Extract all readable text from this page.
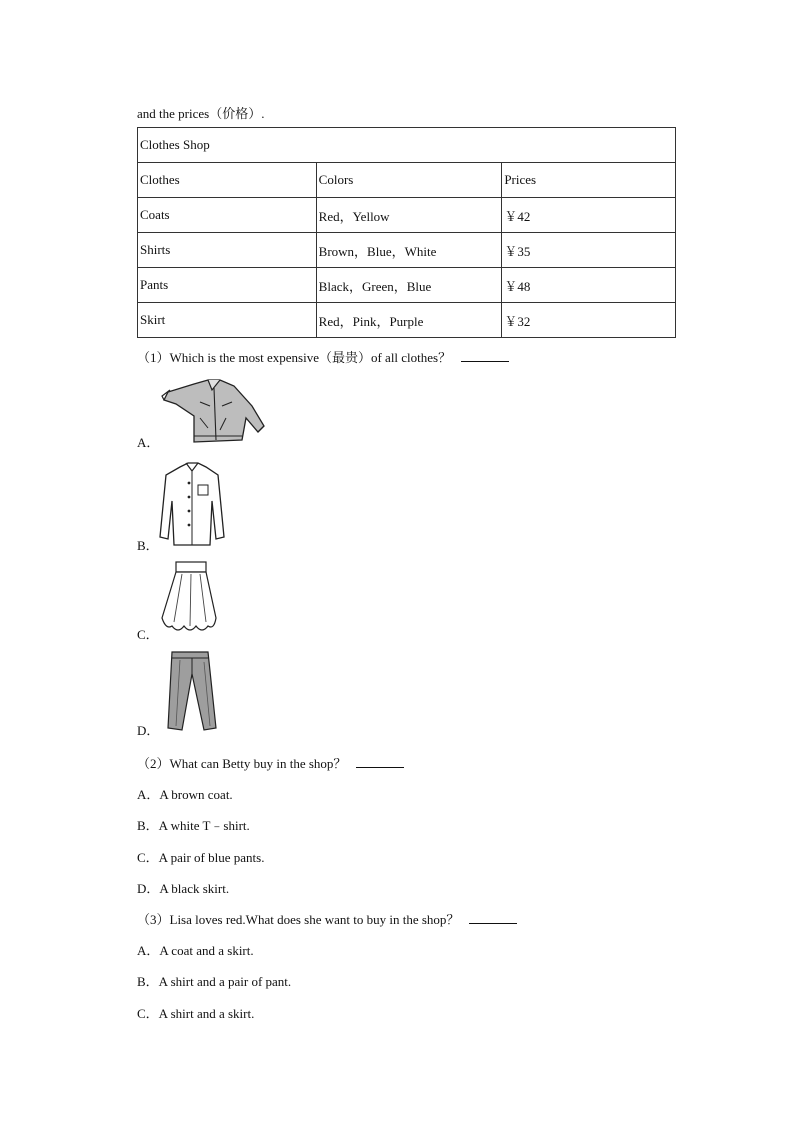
and the prices（价格）.
Clothes Shop		
Clothes	Colors	Prices
Coats	Red，Yellow	￥42
Shirts	Brown，Blue，White	￥35
Pants	Black，Green，Blue	￥48
Skirt	Red，Pink，Purple	￥32
（1）Which is the most expensive（最贵）of all clothes？
A．
B．
C．
D．
（2）What can Betty buy in the shop？
A．A brown coat.
B．A white T﹣shirt.
C．A pair of blue pants.
D．A black skirt.
（3）Lisa loves red.What does she want to buy in the shop？
A．A coat and a skirt.
B．A shirt and a pair of pant.
C．A shirt and a skirt.
